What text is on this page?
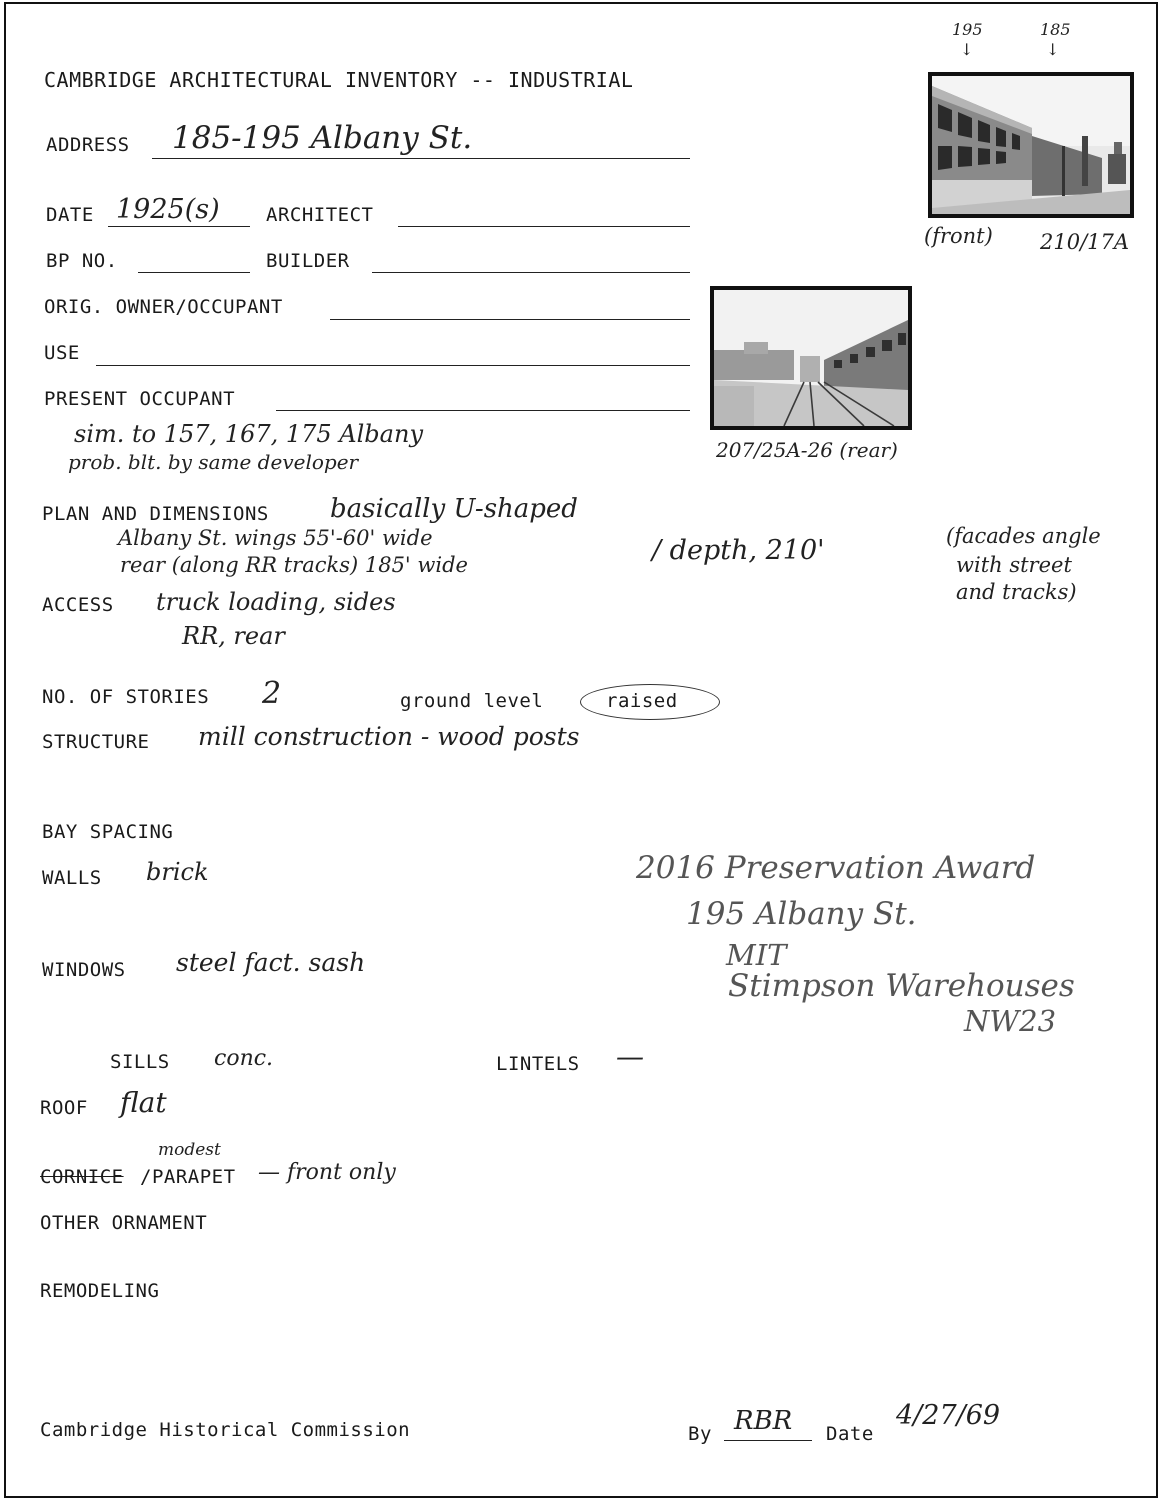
CAMBRIDGE ARCHITECTURAL INVENTORY -- INDUSTRIAL
ADDRESS 185-195 Albany St.
DATE 1925(s) ARCHITECT
BP NO.	BUILDER
ORIG. OWNER/OCCUPANT
USE
PRESENT OCCUPANT
sim. to 157, 167, 175 Albany
prob. blt. by same developer
PLAN AND DIMENSIONS basically U-shaped
Albany St. wings 55'-60' wide
rear (along RR tracks) 185' wide	/ depth, 210'	(facades angle
with street
and tracks)
ACCESS truck loading, sides
RR, rear
NO. OF STORIES 2	ground level	raised
STRUCTURE mill construction - wood posts
BAY SPACING
WALLS brick	2016 Preservation Award
195 Albany St.
MIT
Stimpson Warehouses
NW23
WINDOWS steel fact. sash
SILLS conc.	LINTELS —
ROOF flat
modest
CORNICE /PARAPET — front only
OTHER ORNAMENT
REMODELING
Cambridge Historical Commission	By RBR Date
4/27/69
195
↓
185
↓
(front) 210/17A
207/25A-26 (rear)
